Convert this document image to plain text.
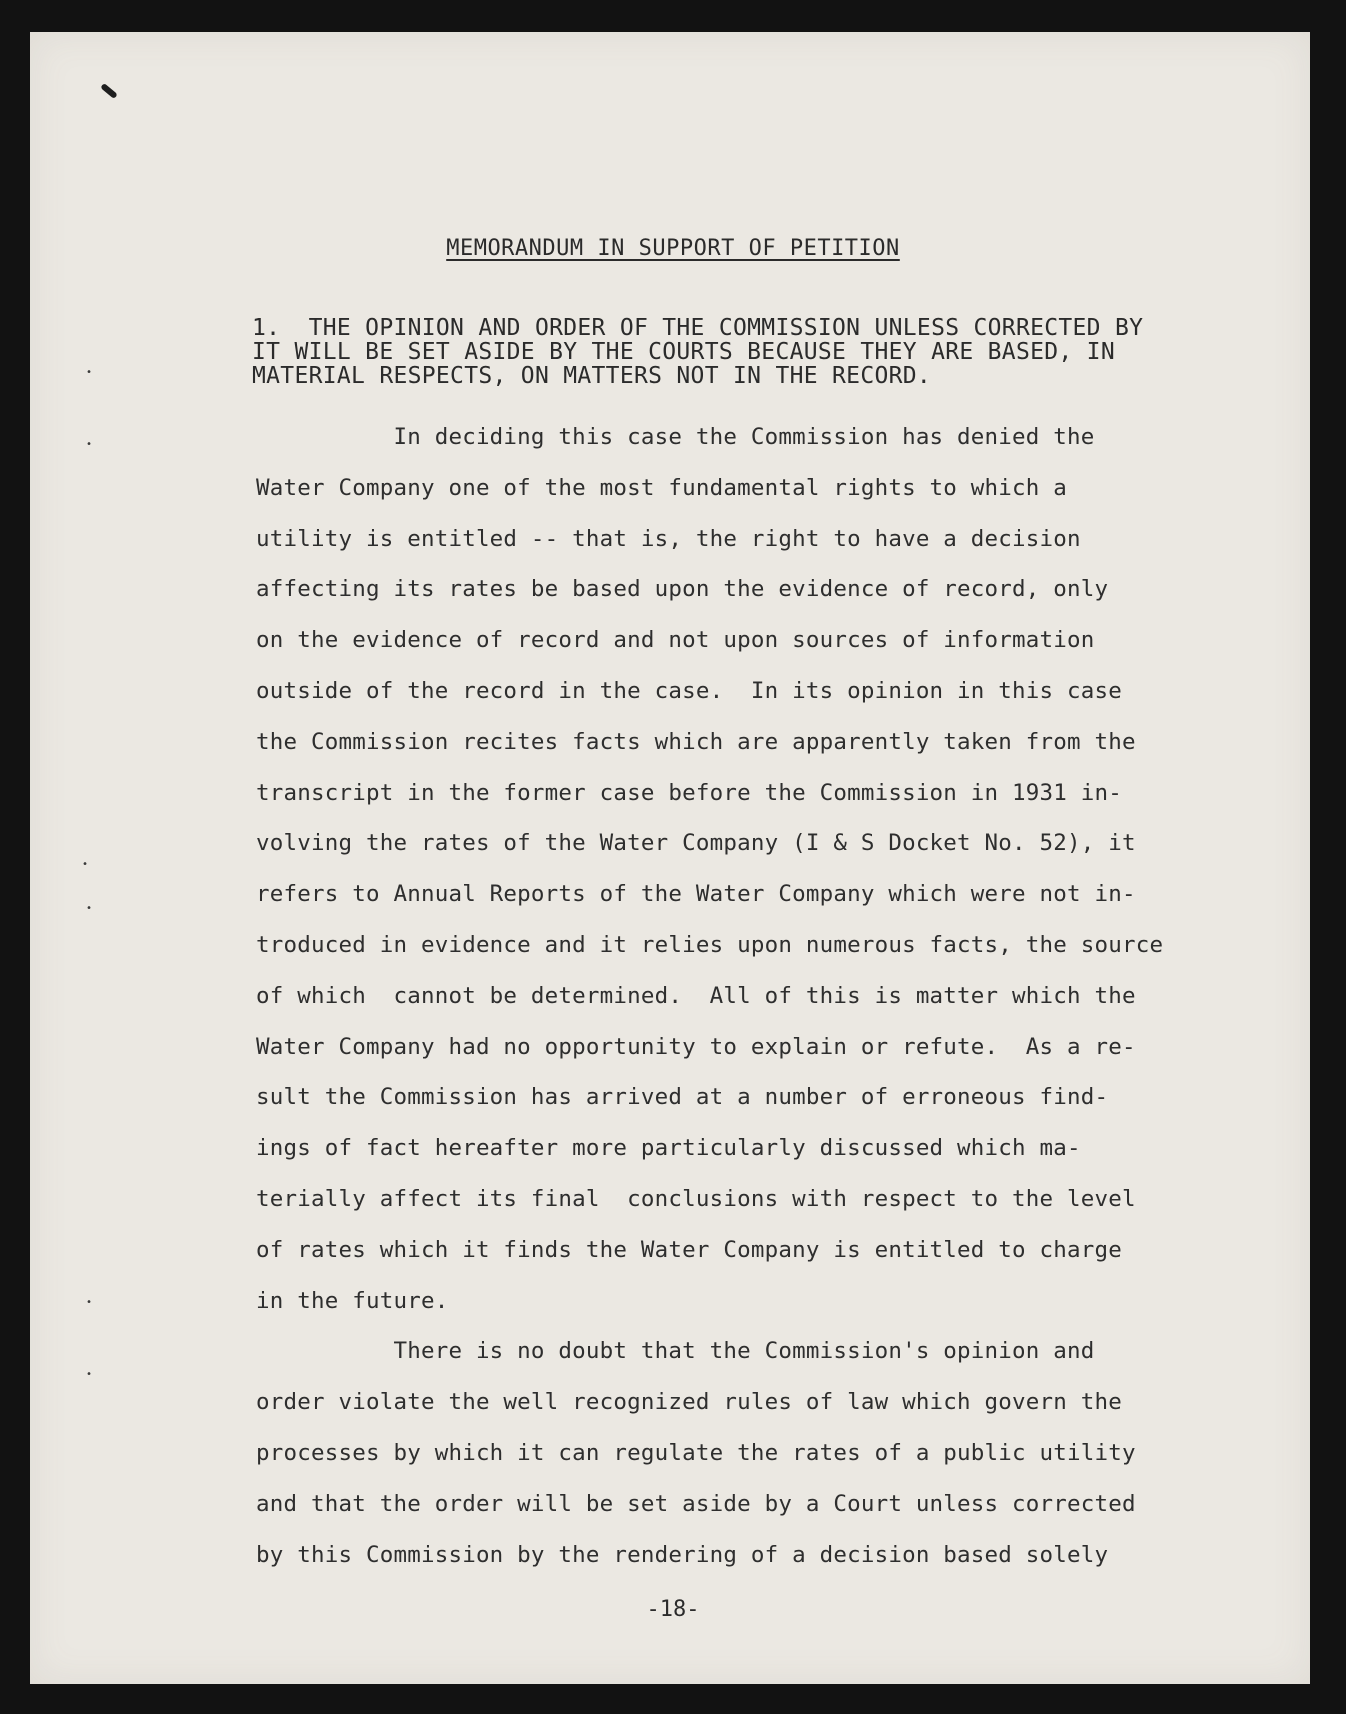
•
•
•
•
•
•
MEMORANDUM IN SUPPORT OF PETITION
1.  THE OPINION AND ORDER OF THE COMMISSION UNLESS CORRECTED BY
IT WILL BE SET ASIDE BY THE COURTS BECAUSE THEY ARE BASED, IN
MATERIAL RESPECTS, ON MATTERS NOT IN THE RECORD.
In deciding this case the Commission has denied the
Water Company one of the most fundamental rights to which a
utility is entitled -- that is, the right to have a decision
affecting its rates be based upon the evidence of record, only
on the evidence of record and not upon sources of information
outside of the record in the case.  In its opinion in this case
the Commission recites facts which are apparently taken from the
transcript in the former case before the Commission in 1931 in-
volving the rates of the Water Company (I & S Docket No. 52), it
refers to Annual Reports of the Water Company which were not in-
troduced in evidence and it relies upon numerous facts, the source
of which  cannot be determined.  All of this is matter which the
Water Company had no opportunity to explain or refute.  As a re-
sult the Commission has arrived at a number of erroneous find-
ings of fact hereafter more particularly discussed which ma-
terially affect its final  conclusions with respect to the level
of rates which it finds the Water Company is entitled to charge
in the future.
There is no doubt that the Commission's opinion and
order violate the well recognized rules of law which govern the
processes by which it can regulate the rates of a public utility
and that the order will be set aside by a Court unless corrected
by this Commission by the rendering of a decision based solely
-18-
